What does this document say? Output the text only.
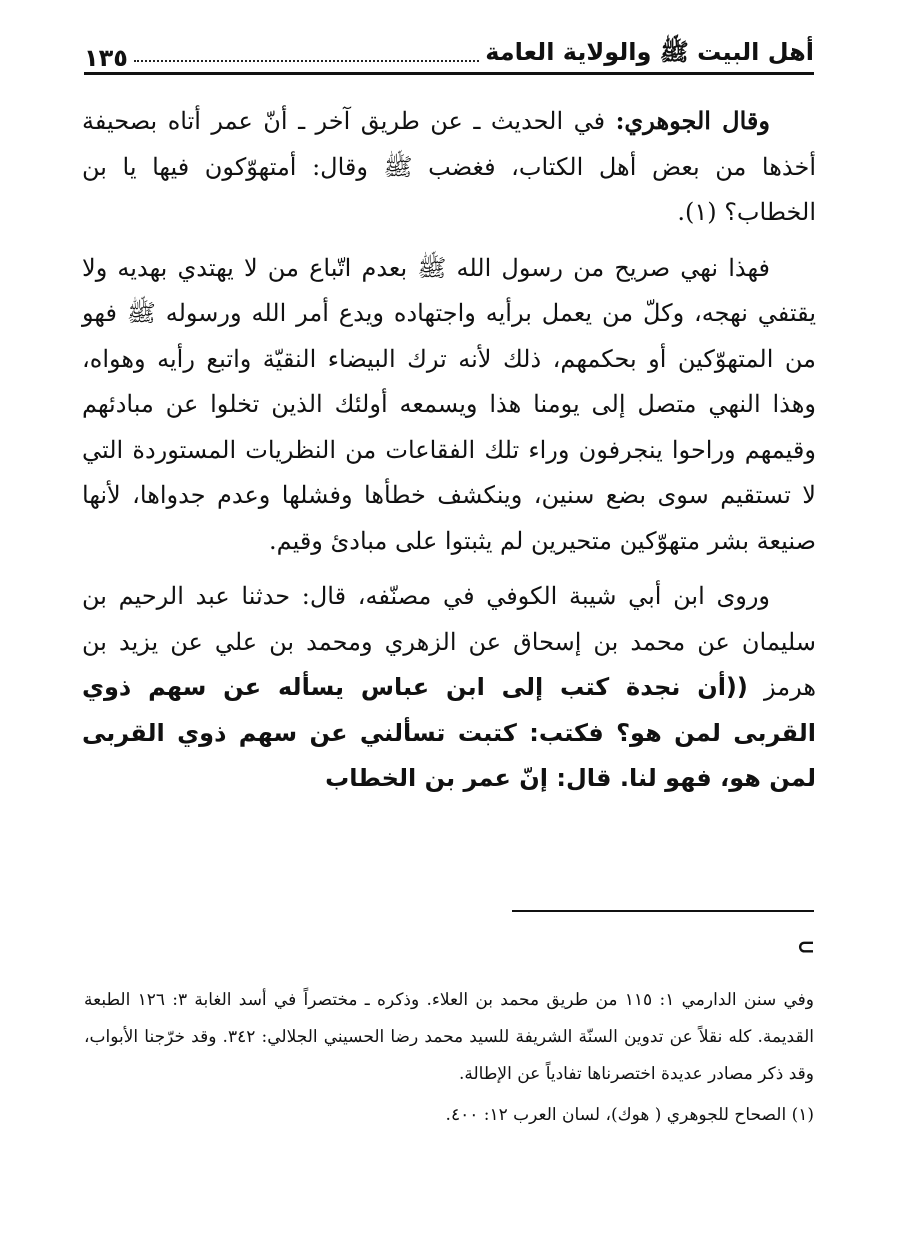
أهل البيت ﷺ والولاية العامة
١٣٥

وقال الجوهري: في الحديث ـ عن طريق آخر ـ أنّ عمر أتاه بصحيفة أخذها من بعض أهل الكتاب، فغضب ﷺ وقال: أمتهوّكون فيها يا بن الخطاب؟ (١).

فهذا نهي صريح من رسول الله ﷺ بعدم اتّباع من لا يهتدي بهديه ولا يقتفي نهجه، وكلّ من يعمل برأيه واجتهاده ويدع أمر الله ورسوله ﷺ فهو من المتهوّكين أو بحكمهم، ذلك لأنه ترك البيضاء النقيّة واتبع رأيه وهواه، وهذا النهي متصل إلى يومنا هذا ويسمعه أولئك الذين تخلوا عن مبادئهم وقيمهم وراحوا ينجرفون وراء تلك الفقاعات من النظريات المستوردة التي لا تستقيم سوى بضع سنين، وينكشف خطأها وفشلها وعدم جدواها، لأنها صنيعة بشر متهوّكين متحيرين لم يثبتوا على مبادئ وقيم.

وروى ابن أبي شيبة الكوفي في مصنّفه، قال: حدثنا عبد الرحيم بن سليمان عن محمد بن إسحاق عن الزهري ومحمد بن علي عن يزيد بن هرمز ((أن نجدة كتب إلى ابن عباس يسأله عن سهم ذوي القربى لمن هو؟ فكتب: كتبت تسألني عن سهم ذوي القربى لمن هو، فهو لنا. قال: إنّ عمر بن الخطاب

⊃

وفي سنن الدارمي ١: ١١٥ من طريق محمد بن العلاء. وذكره ـ مختصراً في أسد الغابة ٣: ١٢٦ الطبعة القديمة. كله نقلاً عن تدوين السنّة الشريفة للسيد محمد رضا الحسيني الجلالي: ٣٤٢. وقد خرّجنا الأبواب، وقد ذكر مصادر عديدة اختصرناها تفادياً عن الإطالة.

(١) الصحاح للجوهري ( هوك)، لسان العرب ١٢: ٤٠٠.
